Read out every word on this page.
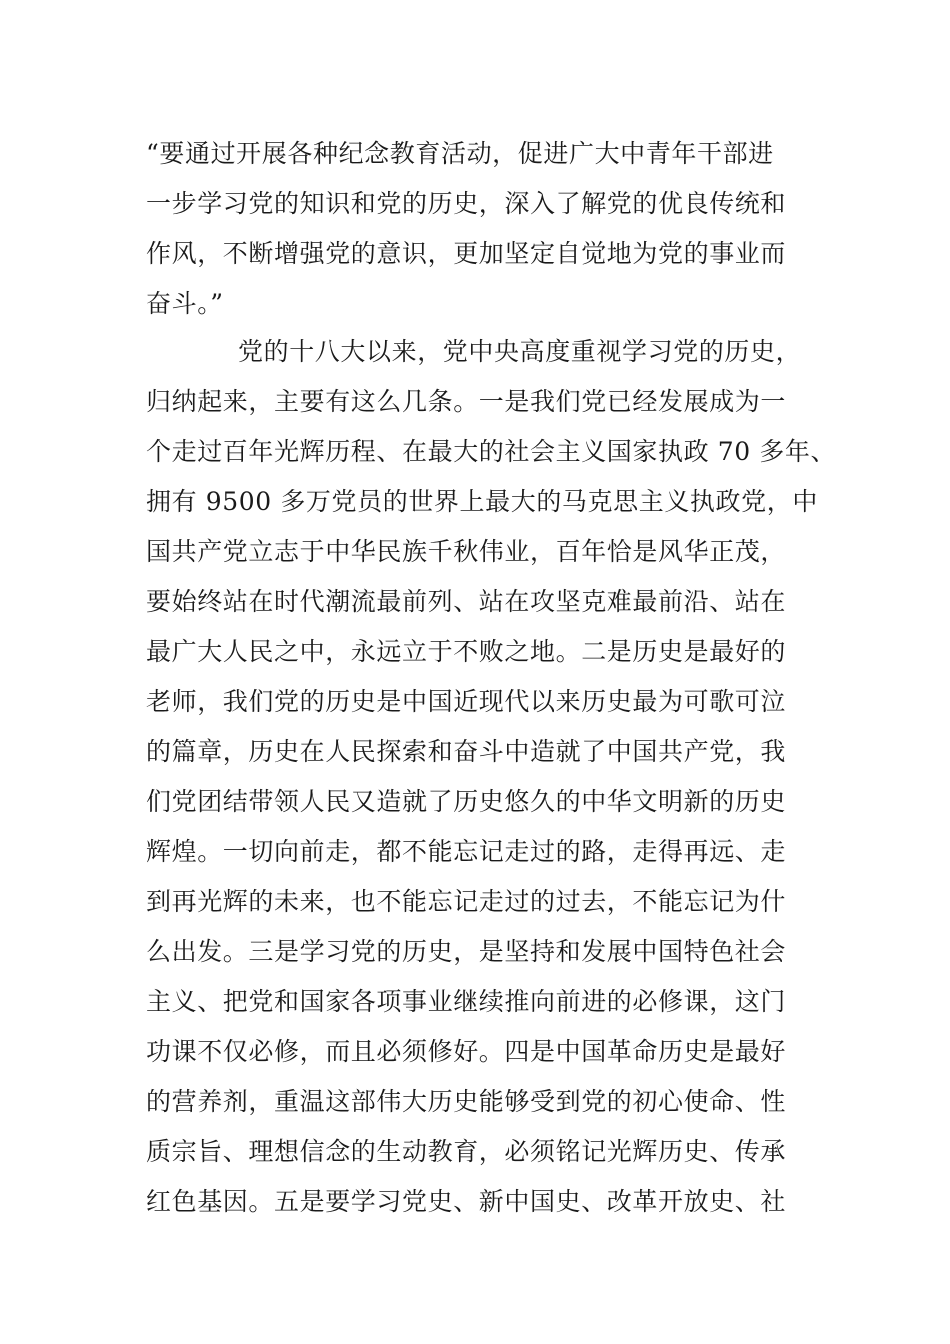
“要通过开展各种纪念教育活动，促进广大中青年干部进
一步学习党的知识和党的历史，深入了解党的优良传统和
作风，不断增强党的意识，更加坚定自觉地为党的事业而
奋斗。”
党的十八大以来，党中央高度重视学习党的历史，
归纳起来，主要有这么几条。一是我们党已经发展成为一
个走过百年光辉历程、在最大的社会主义国家执政 70 多年、
拥有 9500 多万党员的世界上最大的马克思主义执政党，中
国共产党立志于中华民族千秋伟业，百年恰是风华正茂，
要始终站在时代潮流最前列、站在攻坚克难最前沿、站在
最广大人民之中，永远立于不败之地。二是历史是最好的
老师，我们党的历史是中国近现代以来历史最为可歌可泣
的篇章，历史在人民探索和奋斗中造就了中国共产党，我
们党团结带领人民又造就了历史悠久的中华文明新的历史
辉煌。一切向前走，都不能忘记走过的路，走得再远、走
到再光辉的未来，也不能忘记走过的过去，不能忘记为什
么出发。三是学习党的历史，是坚持和发展中国特色社会
主义、把党和国家各项事业继续推向前进的必修课，这门
功课不仅必修，而且必须修好。四是中国革命历史是最好
的营养剂，重温这部伟大历史能够受到党的初心使命、性
质宗旨、理想信念的生动教育，必须铭记光辉历史、传承
红色基因。五是要学习党史、新中国史、改革开放史、社
